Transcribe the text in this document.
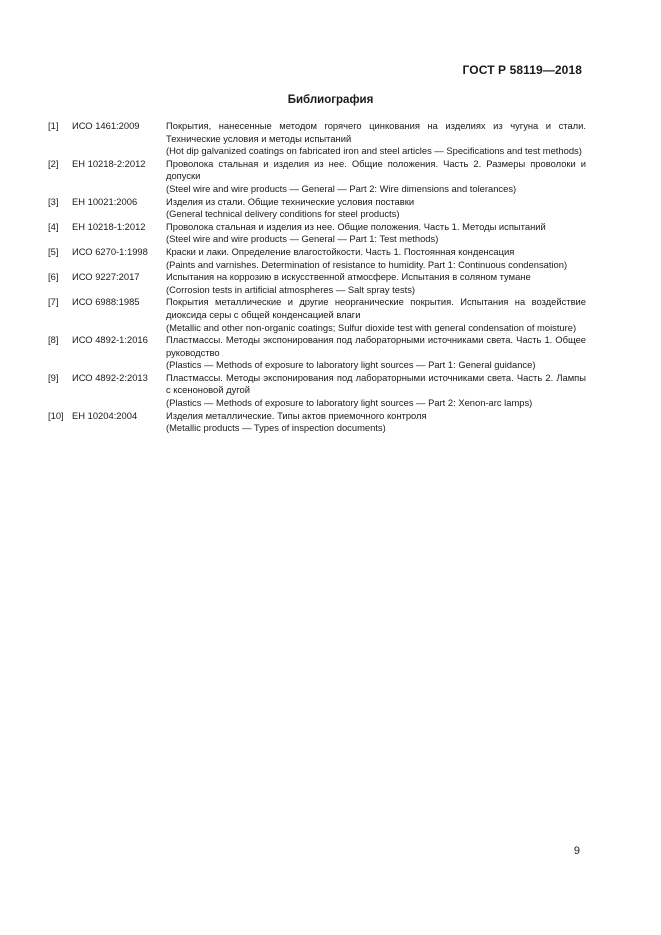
ГОСТ Р 58119—2018
Библиография
[1]	ИСО 1461:2009	Покрытия, нанесенные методом горячего цинкования на изделиях из чугуна и стали. Технические условия и методы испытаний
(Hot dip galvanized coatings on fabricated iron and steel articles — Specifications and test methods)
[2]	ЕН 10218-2:2012	Проволока стальная и изделия из нее. Общие положения. Часть 2. Размеры проволоки и допуски
(Steel wire and wire products — General — Part 2: Wire dimensions and tolerances)
[3]	ЕН 10021:2006	Изделия из стали. Общие технические условия поставки
(General technical delivery conditions for steel products)
[4]	ЕН 10218-1:2012	Проволока стальная и изделия из нее. Общие положения. Часть 1. Методы испытаний
(Steel wire and wire products — General — Part 1: Test methods)
[5]	ИСО 6270-1:1998	Краски и лаки. Определение влагостойкости. Часть 1. Постоянная конденсация
(Paints and varnishes. Determination of resistance to humidity. Part 1: Continuous condensation)
[6]	ИСО 9227:2017	Испытания на коррозию в искусственной атмосфере. Испытания в соляном тумане
(Corrosion tests in artificial atmospheres — Salt spray tests)
[7]	ИСО 6988:1985	Покрытия металлические и другие неорганические покрытия. Испытания на воздействие диоксида серы с общей конденсацией влаги
(Metallic and other non-organic coatings; Sulfur dioxide test with general condensation of moisture)
[8]	ИСО 4892-1:2016	Пластмассы. Методы экспонирования под лабораторными источниками света. Часть 1. Общее руководство
(Plastics — Methods of exposure to laboratory light sources — Part 1: General guidance)
[9]	ИСО 4892-2:2013	Пластмассы. Методы экспонирования под лабораторными источниками света. Часть 2. Лампы с ксеноновой дугой
(Plastics — Methods of exposure to laboratory light sources — Part 2: Xenon-arc lamps)
[10] ЕН 10204:2004	Изделия металлические. Типы актов приемочного контроля
(Metallic products — Types of inspection documents)
9
